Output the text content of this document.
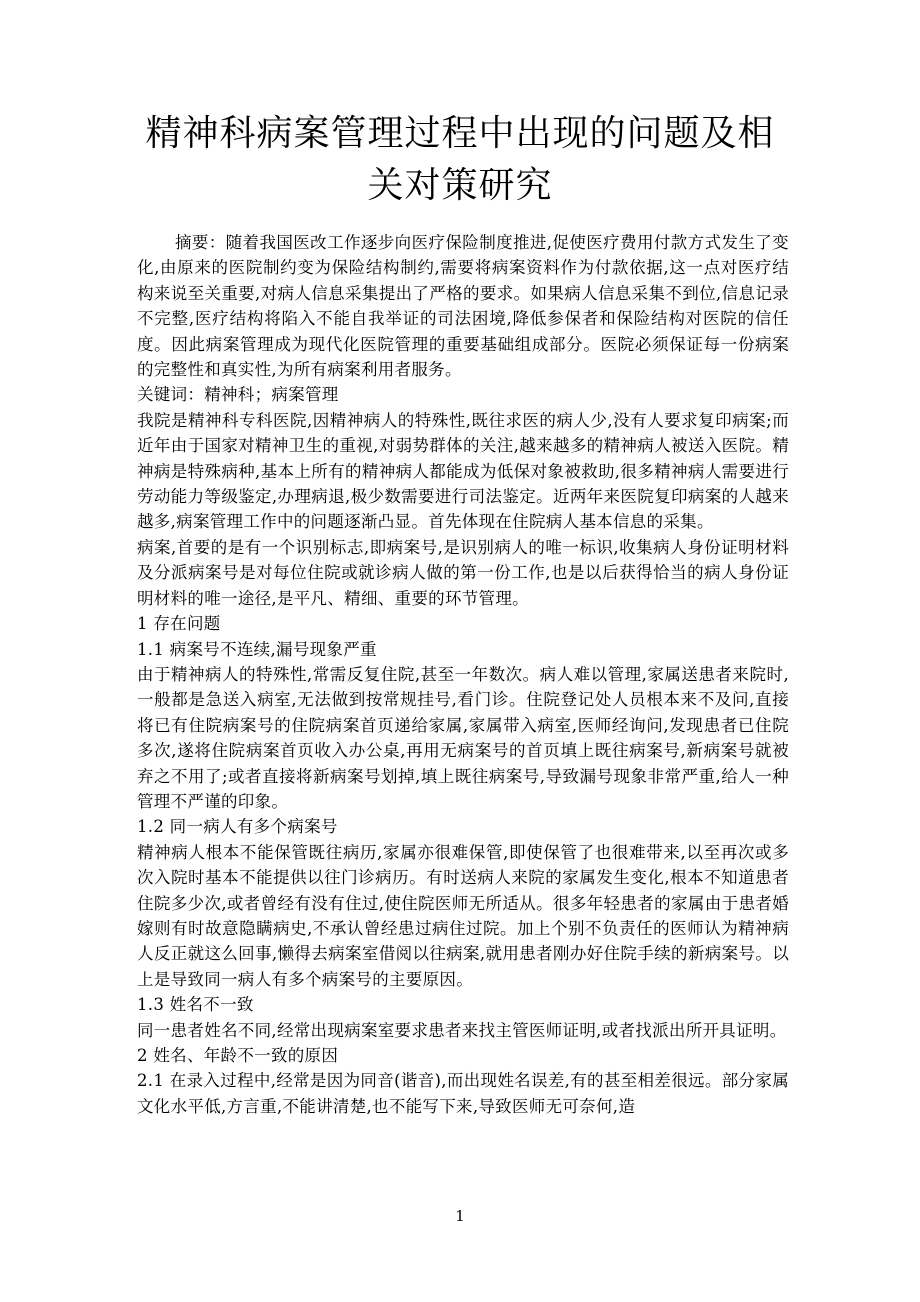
精神科病案管理过程中出现的问题及相
关对策研究

摘要：随着我国医改工作逐步向医疗保险制度推进,促使医疗费用付款方式发生了变化,由原来的医院制约变为保险结构制约,需要将病案资料作为付款依据,这一点对医疗结构来说至关重要,对病人信息采集提出了严格的要求。如果病人信息采集不到位,信息记录不完整,医疗结构将陷入不能自我举证的司法困境,降低参保者和保险结构对医院的信任度。因此病案管理成为现代化医院管理的重要基础组成部分。医院必须保证每一份病案的完整性和真实性,为所有病案利用者服务。

关键词：精神科；病案管理

我院是精神科专科医院,因精神病人的特殊性,既往求医的病人少,没有人要求复印病案;而近年由于国家对精神卫生的重视,对弱势群体的关注,越来越多的精神病人被送入医院。精神病是特殊病种,基本上所有的精神病人都能成为低保对象被救助,很多精神病人需要进行劳动能力等级鉴定,办理病退,极少数需要进行司法鉴定。近两年来医院复印病案的人越来越多,病案管理工作中的问题逐渐凸显。首先体现在住院病人基本信息的采集。

病案,首要的是有一个识别标志,即病案号,是识别病人的唯一标识,收集病人身份证明材料及分派病案号是对每位住院或就诊病人做的第一份工作,也是以后获得恰当的病人身份证明材料的唯一途径,是平凡、精细、重要的环节管理。

1 存在问题

1.1 病案号不连续,漏号现象严重

由于精神病人的特殊性,常需反复住院,甚至一年数次。病人难以管理,家属送患者来院时,一般都是急送入病室,无法做到按常规挂号,看门诊。住院登记处人员根本来不及问,直接将已有住院病案号的住院病案首页递给家属,家属带入病室,医师经询问,发现患者已住院多次,遂将住院病案首页收入办公桌,再用无病案号的首页填上既往病案号,新病案号就被弃之不用了;或者直接将新病案号划掉,填上既往病案号,导致漏号现象非常严重,给人一种管理不严谨的印象。

1.2 同一病人有多个病案号

精神病人根本不能保管既往病历,家属亦很难保管,即使保管了也很难带来,以至再次或多次入院时基本不能提供以往门诊病历。有时送病人来院的家属发生变化,根本不知道患者住院多少次,或者曾经有没有住过,使住院医师无所适从。很多年轻患者的家属由于患者婚嫁则有时故意隐瞒病史,不承认曾经患过病住过院。加上个别不负责任的医师认为精神病人反正就这么回事,懒得去病案室借阅以往病案,就用患者刚办好住院手续的新病案号。以上是导致同一病人有多个病案号的主要原因。

1.3 姓名不一致

同一患者姓名不同,经常出现病案室要求患者来找主管医师证明,或者找派出所开具证明。

2 姓名、年龄不一致的原因

2.1 在录入过程中,经常是因为同音(谐音),而出现姓名误差,有的甚至相差很远。部分家属文化水平低,方言重,不能讲清楚,也不能写下来,导致医师无可奈何,造

1
